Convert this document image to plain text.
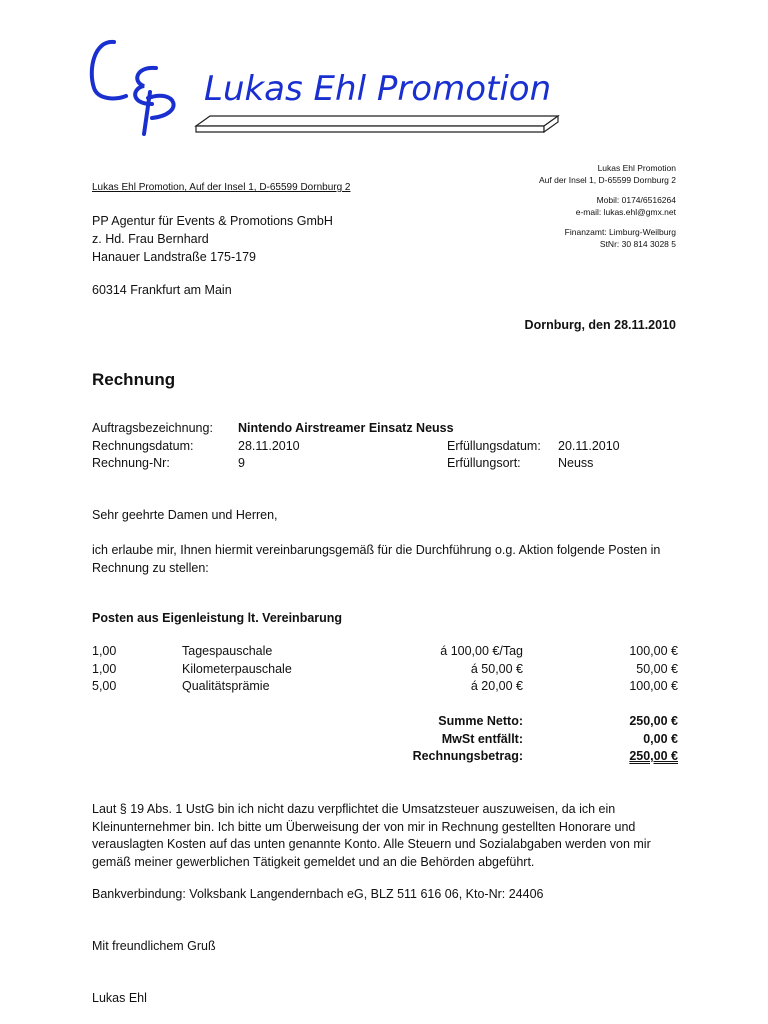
Lukas Ehl Promotion
Lukas Ehl Promotion, Auf der Insel 1, D-65599 Dornburg 2
Lukas Ehl Promotion
Auf der Insel 1, D-65599 Dornburg 2
Mobil: 0174/6516264
e-mail: lukas.ehl@gmx.net
Finanzamt: Limburg-Weilburg
StNr: 30 814 3028 5
PP Agentur für Events & Promotions GmbH
z. Hd. Frau Bernhard
Hanauer Landstraße 175-179
60314 Frankfurt am Main
Dornburg, den 28.11.2010
Rechnung
Auftragsbezeichnung: Nintendo Airstreamer Einsatz Neuss
Rechnungsdatum:	28.11.2010	Erfüllungsdatum: 20.11.2010
Rechnung-Nr:	9	Erfüllungsort:	Neuss
Sehr geehrte Damen und Herren,
ich erlaube mir, Ihnen hiermit vereinbarungsgemäß für die Durchführung o.g. Aktion folgende Posten in Rechnung zu stellen:
Posten aus Eigenleistung lt. Vereinbarung
1,00	Tagespauschale	á 100,00 €/Tag	100,00 €
1,00	Kilometerpauschale	á 50,00 €	50,00 €
5,00	Qualitätsprämie	á 20,00 €	100,00 €
Summe Netto:	250,00 €
MwSt entfällt:	0,00 €
Rechnungsbetrag:	250,00 €
Laut § 19 Abs. 1 UstG bin ich nicht dazu verpflichtet die Umsatzsteuer auszuweisen, da ich ein Kleinunternehmer bin. Ich bitte um Überweisung der von mir in Rechnung gestellten Honorare und verauslagten Kosten auf das unten genannte Konto. Alle Steuern und Sozialabgaben werden von mir gemäß meiner gewerblichen Tätigkeit gemeldet und an die Behörden abgeführt.
Bankverbindung: Volksbank Langendernbach eG, BLZ 511 616 06, Kto-Nr: 24406
Mit freundlichem Gruß
Lukas Ehl
